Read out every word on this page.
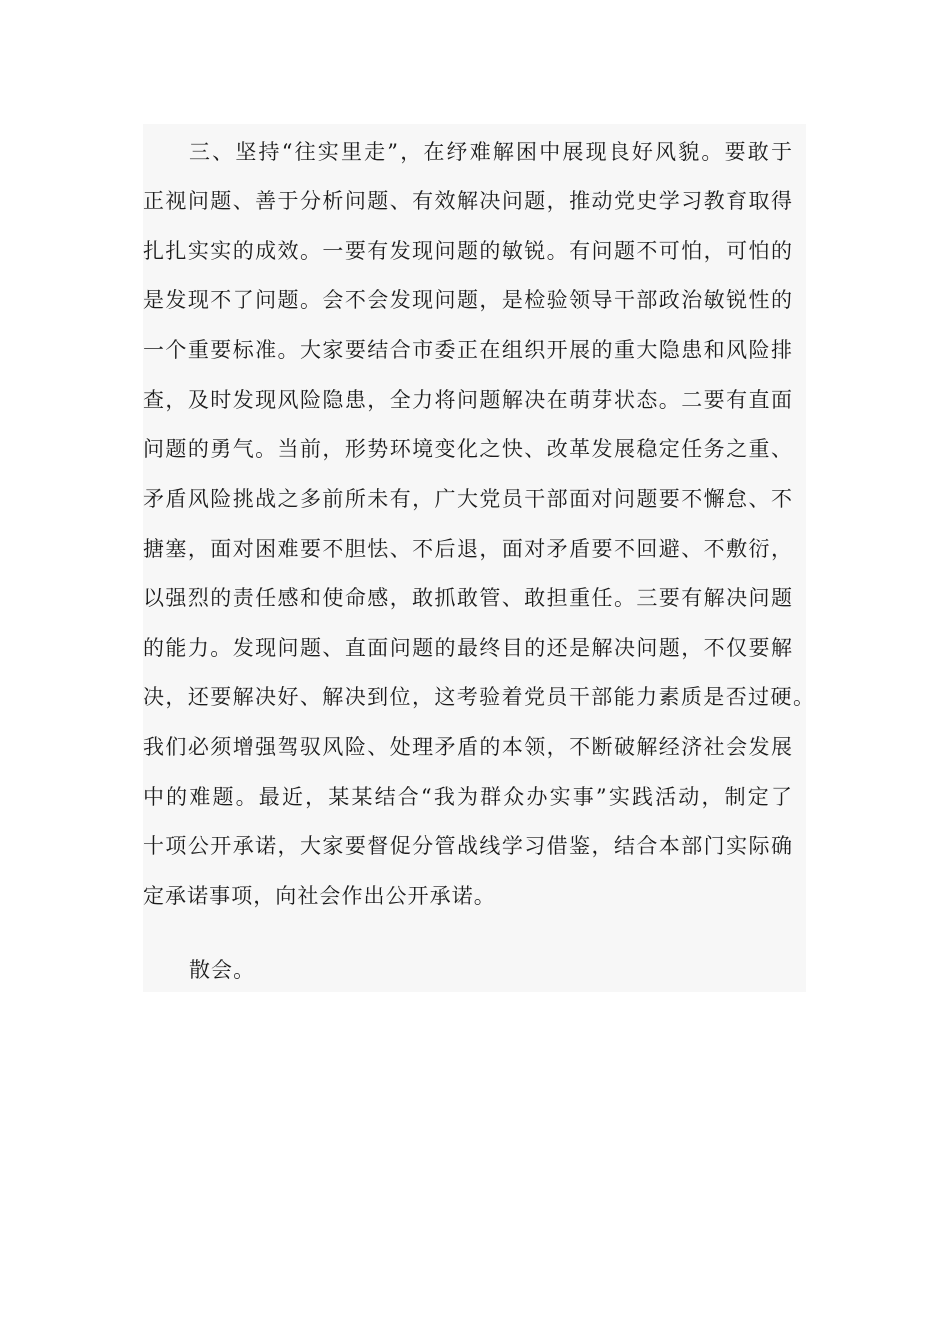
三、坚持“往实里走”，在纾难解困中展现良好风貌。要敢于
正视问题、善于分析问题、有效解决问题，推动党史学习教育取得
扎扎实实的成效。一要有发现问题的敏锐。有问题不可怕，可怕的
是发现不了问题。会不会发现问题，是检验领导干部政治敏锐性的
一个重要标准。大家要结合市委正在组织开展的重大隐患和风险排
查，及时发现风险隐患，全力将问题解决在萌芽状态。二要有直面
问题的勇气。当前，形势环境变化之快、改革发展稳定任务之重、
矛盾风险挑战之多前所未有，广大党员干部面对问题要不懈怠、不
搪塞，面对困难要不胆怯、不后退，面对矛盾要不回避、不敷衍，
以强烈的责任感和使命感，敢抓敢管、敢担重任。三要有解决问题
的能力。发现问题、直面问题的最终目的还是解决问题，不仅要解
决，还要解决好、解决到位，这考验着党员干部能力素质是否过硬。
我们必须增强驾驭风险、处理矛盾的本领，不断破解经济社会发展
中的难题。最近，某某结合“我为群众办实事”实践活动，制定了
十项公开承诺，大家要督促分管战线学习借鉴，结合本部门实际确
定承诺事项，向社会作出公开承诺。
散会。
